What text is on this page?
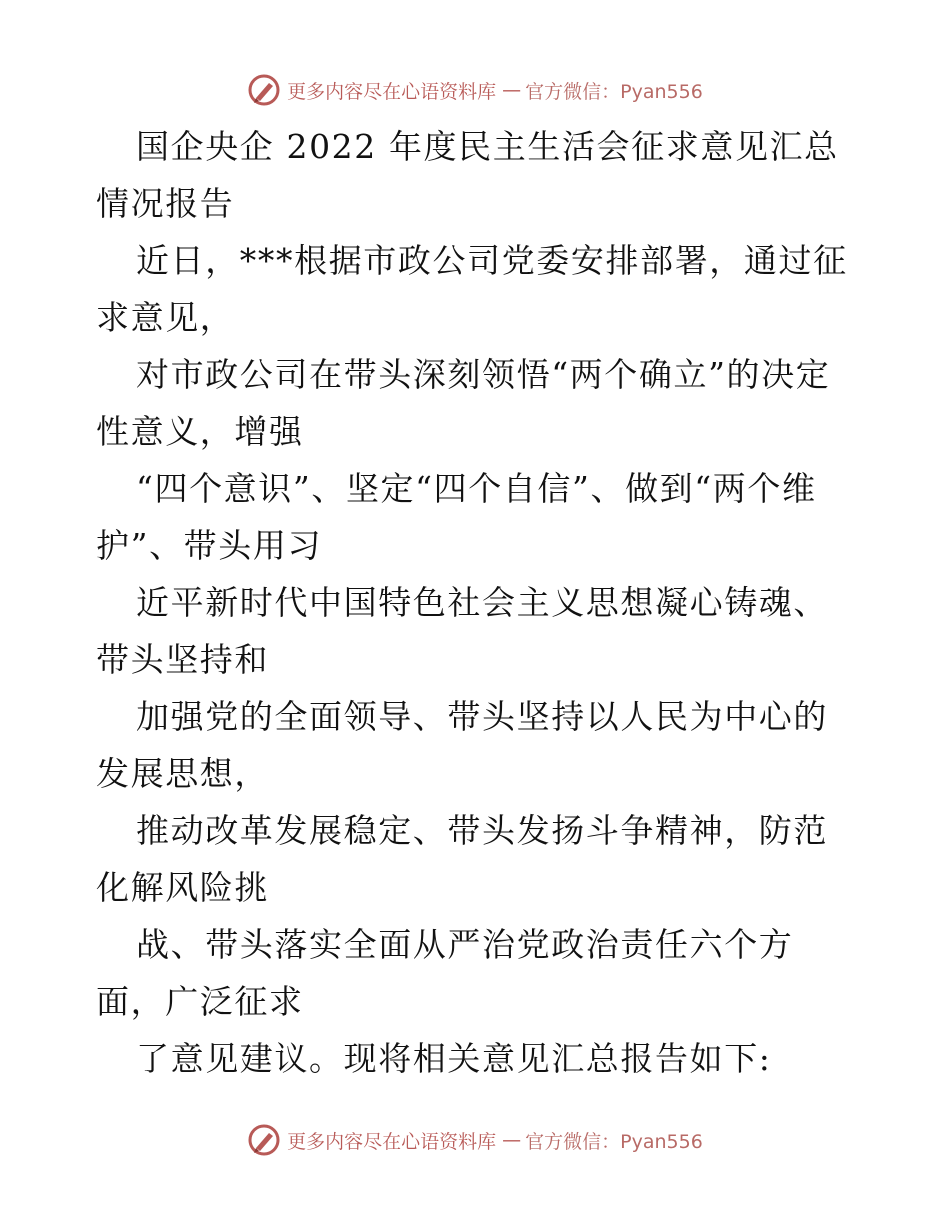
更多内容尽在心语资料库 — 官方微信：Pyan556

国企央企 2022 年度民主生活会征求意见汇总情况报告

近日，***根据市政公司党委安排部署，通过征求意见，

对市政公司在带头深刻领悟“两个确立”的决定性意义，增强

“四个意识”、坚定“四个自信”、做到“两个维护”、带头用习

近平新时代中国特色社会主义思想凝心铸魂、带头坚持和

加强党的全面领导、带头坚持以人民为中心的发展思想，

推动改革发展稳定、带头发扬斗争精神，防范化解风险挑

战、带头落实全面从严治党政治责任六个方面，广泛征求

了意见建议。现将相关意见汇总报告如下:

更多内容尽在心语资料库 — 官方微信：Pyan556
